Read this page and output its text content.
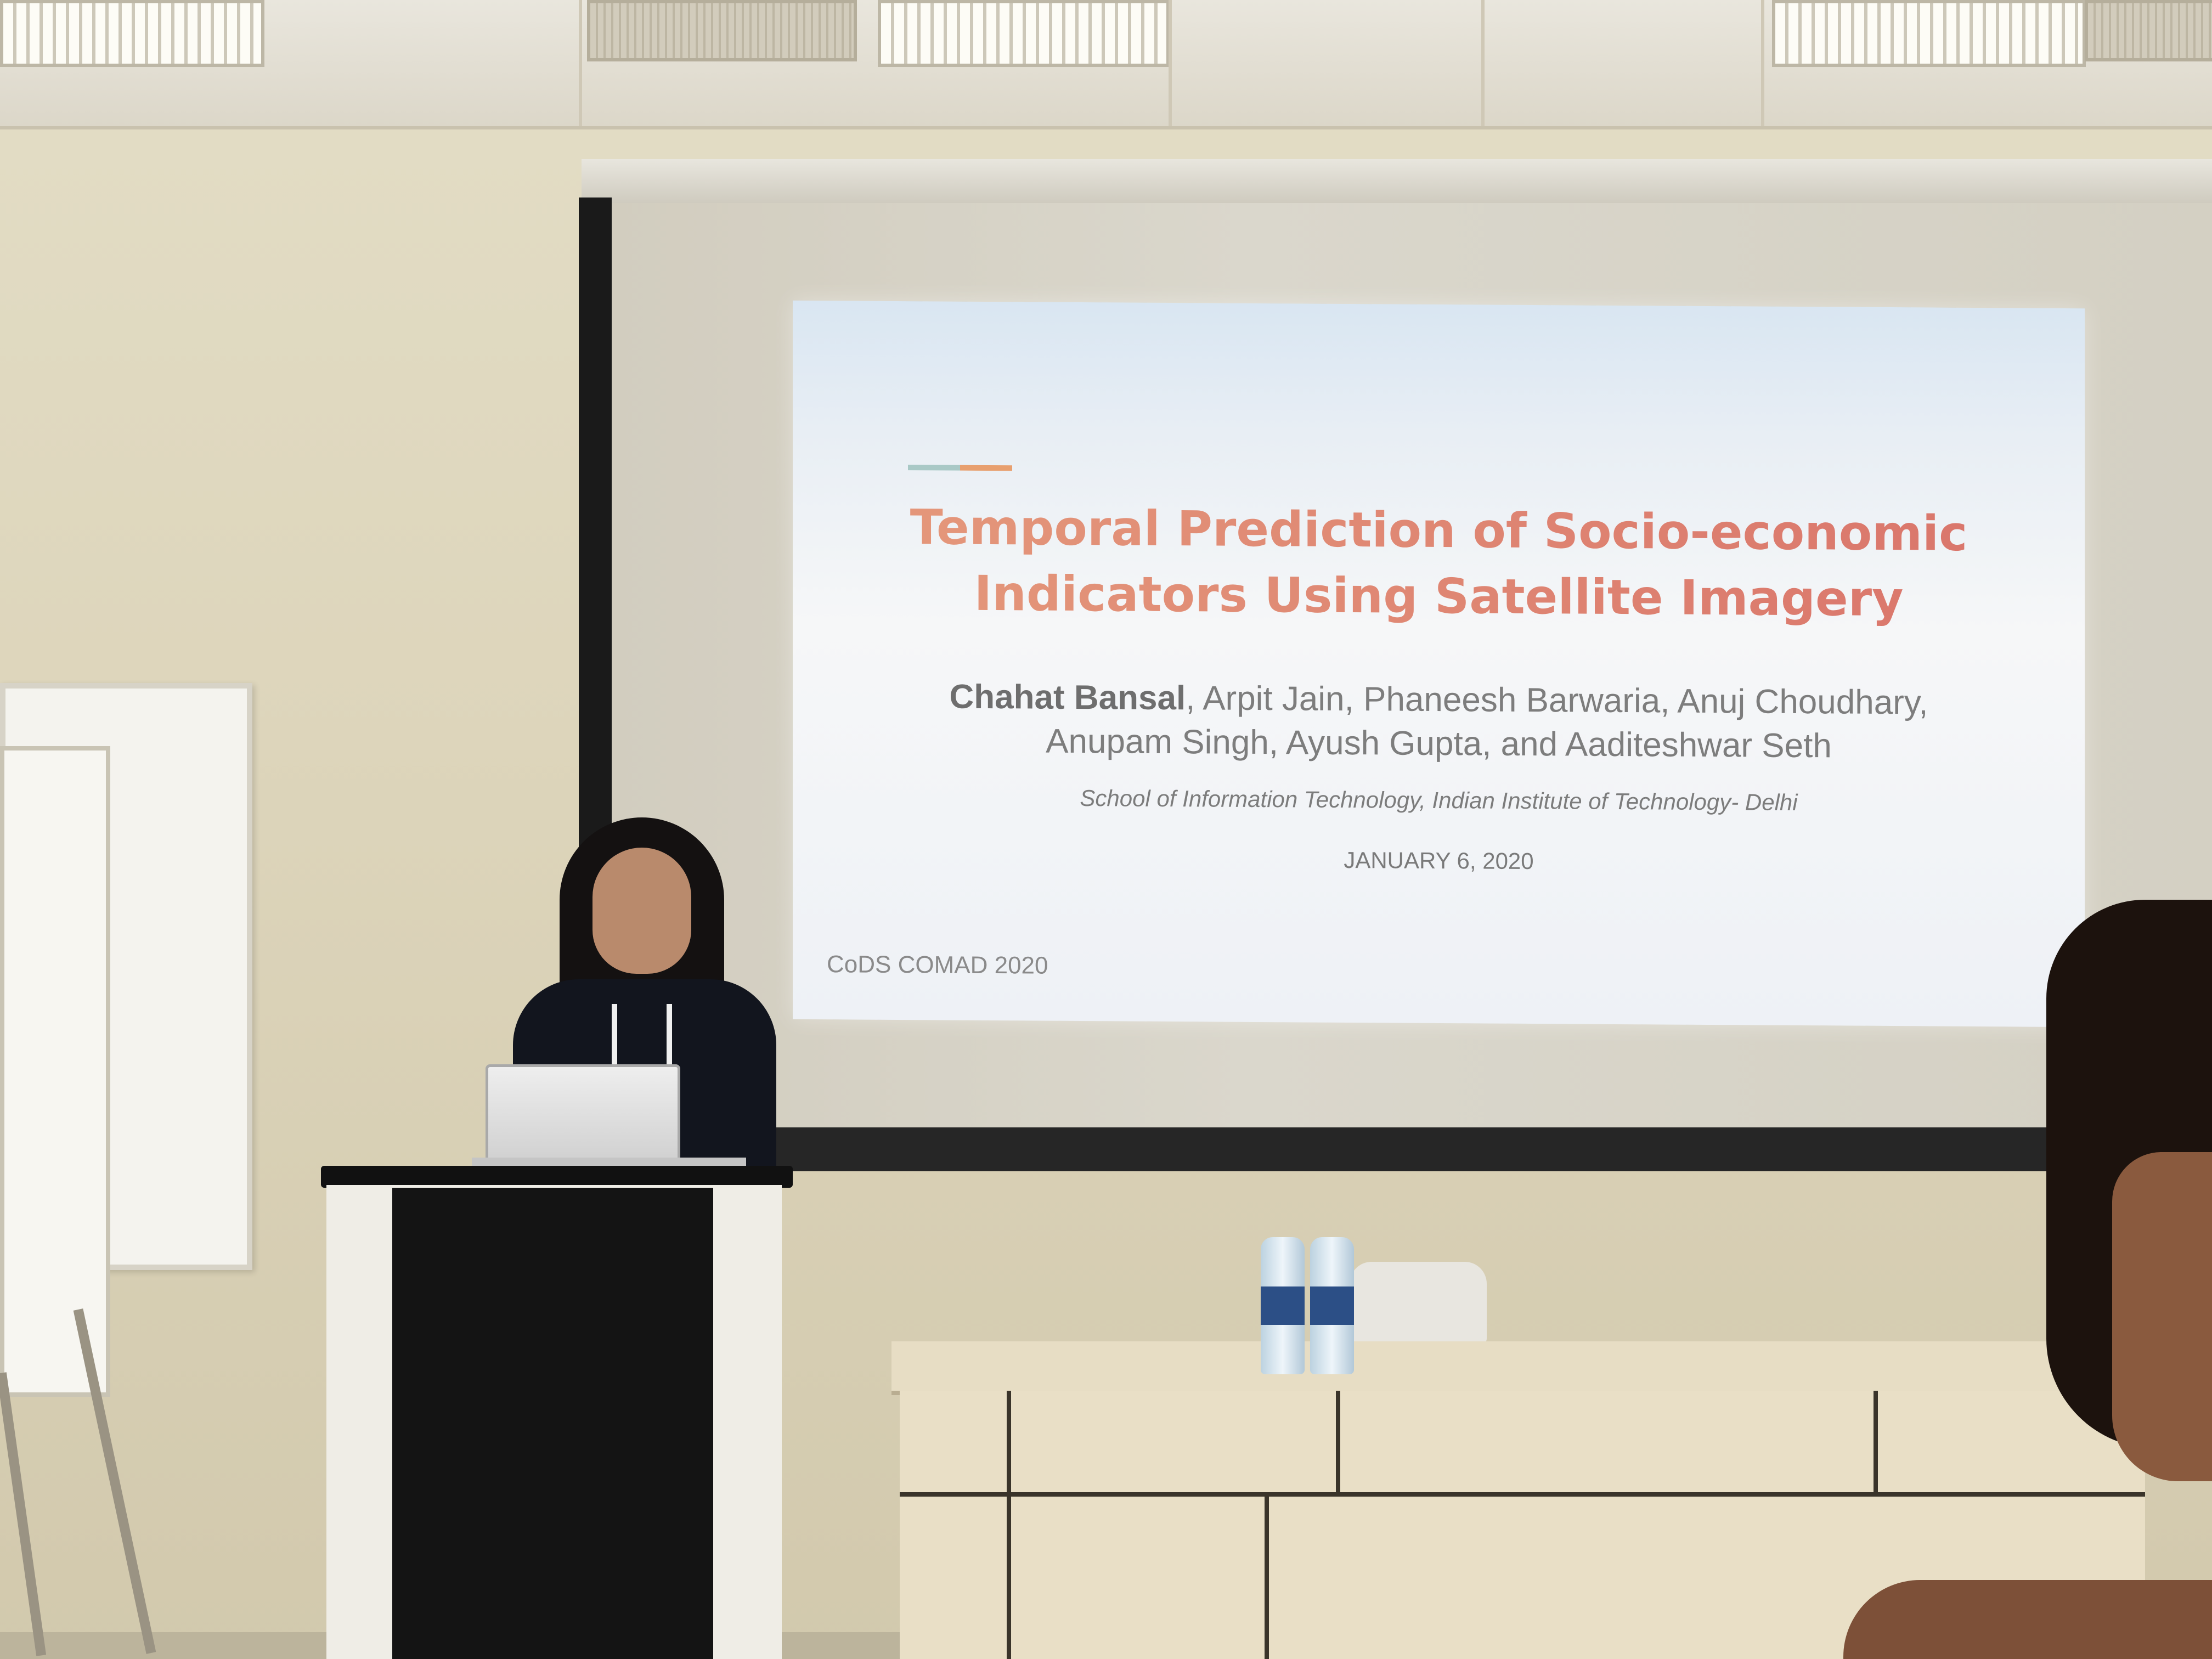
Temporal Prediction of Socio-economic
Indicators Using Satellite Imagery
Chahat Bansal, Arpit Jain, Phaneesh Barwaria, Anuj Choudhary,
Anupam Singh, Ayush Gupta, and Aaditeshwar Seth
School of Information Technology, Indian Institute of Technology- Delhi
JANUARY 6, 2020
CoDS COMAD 2020
